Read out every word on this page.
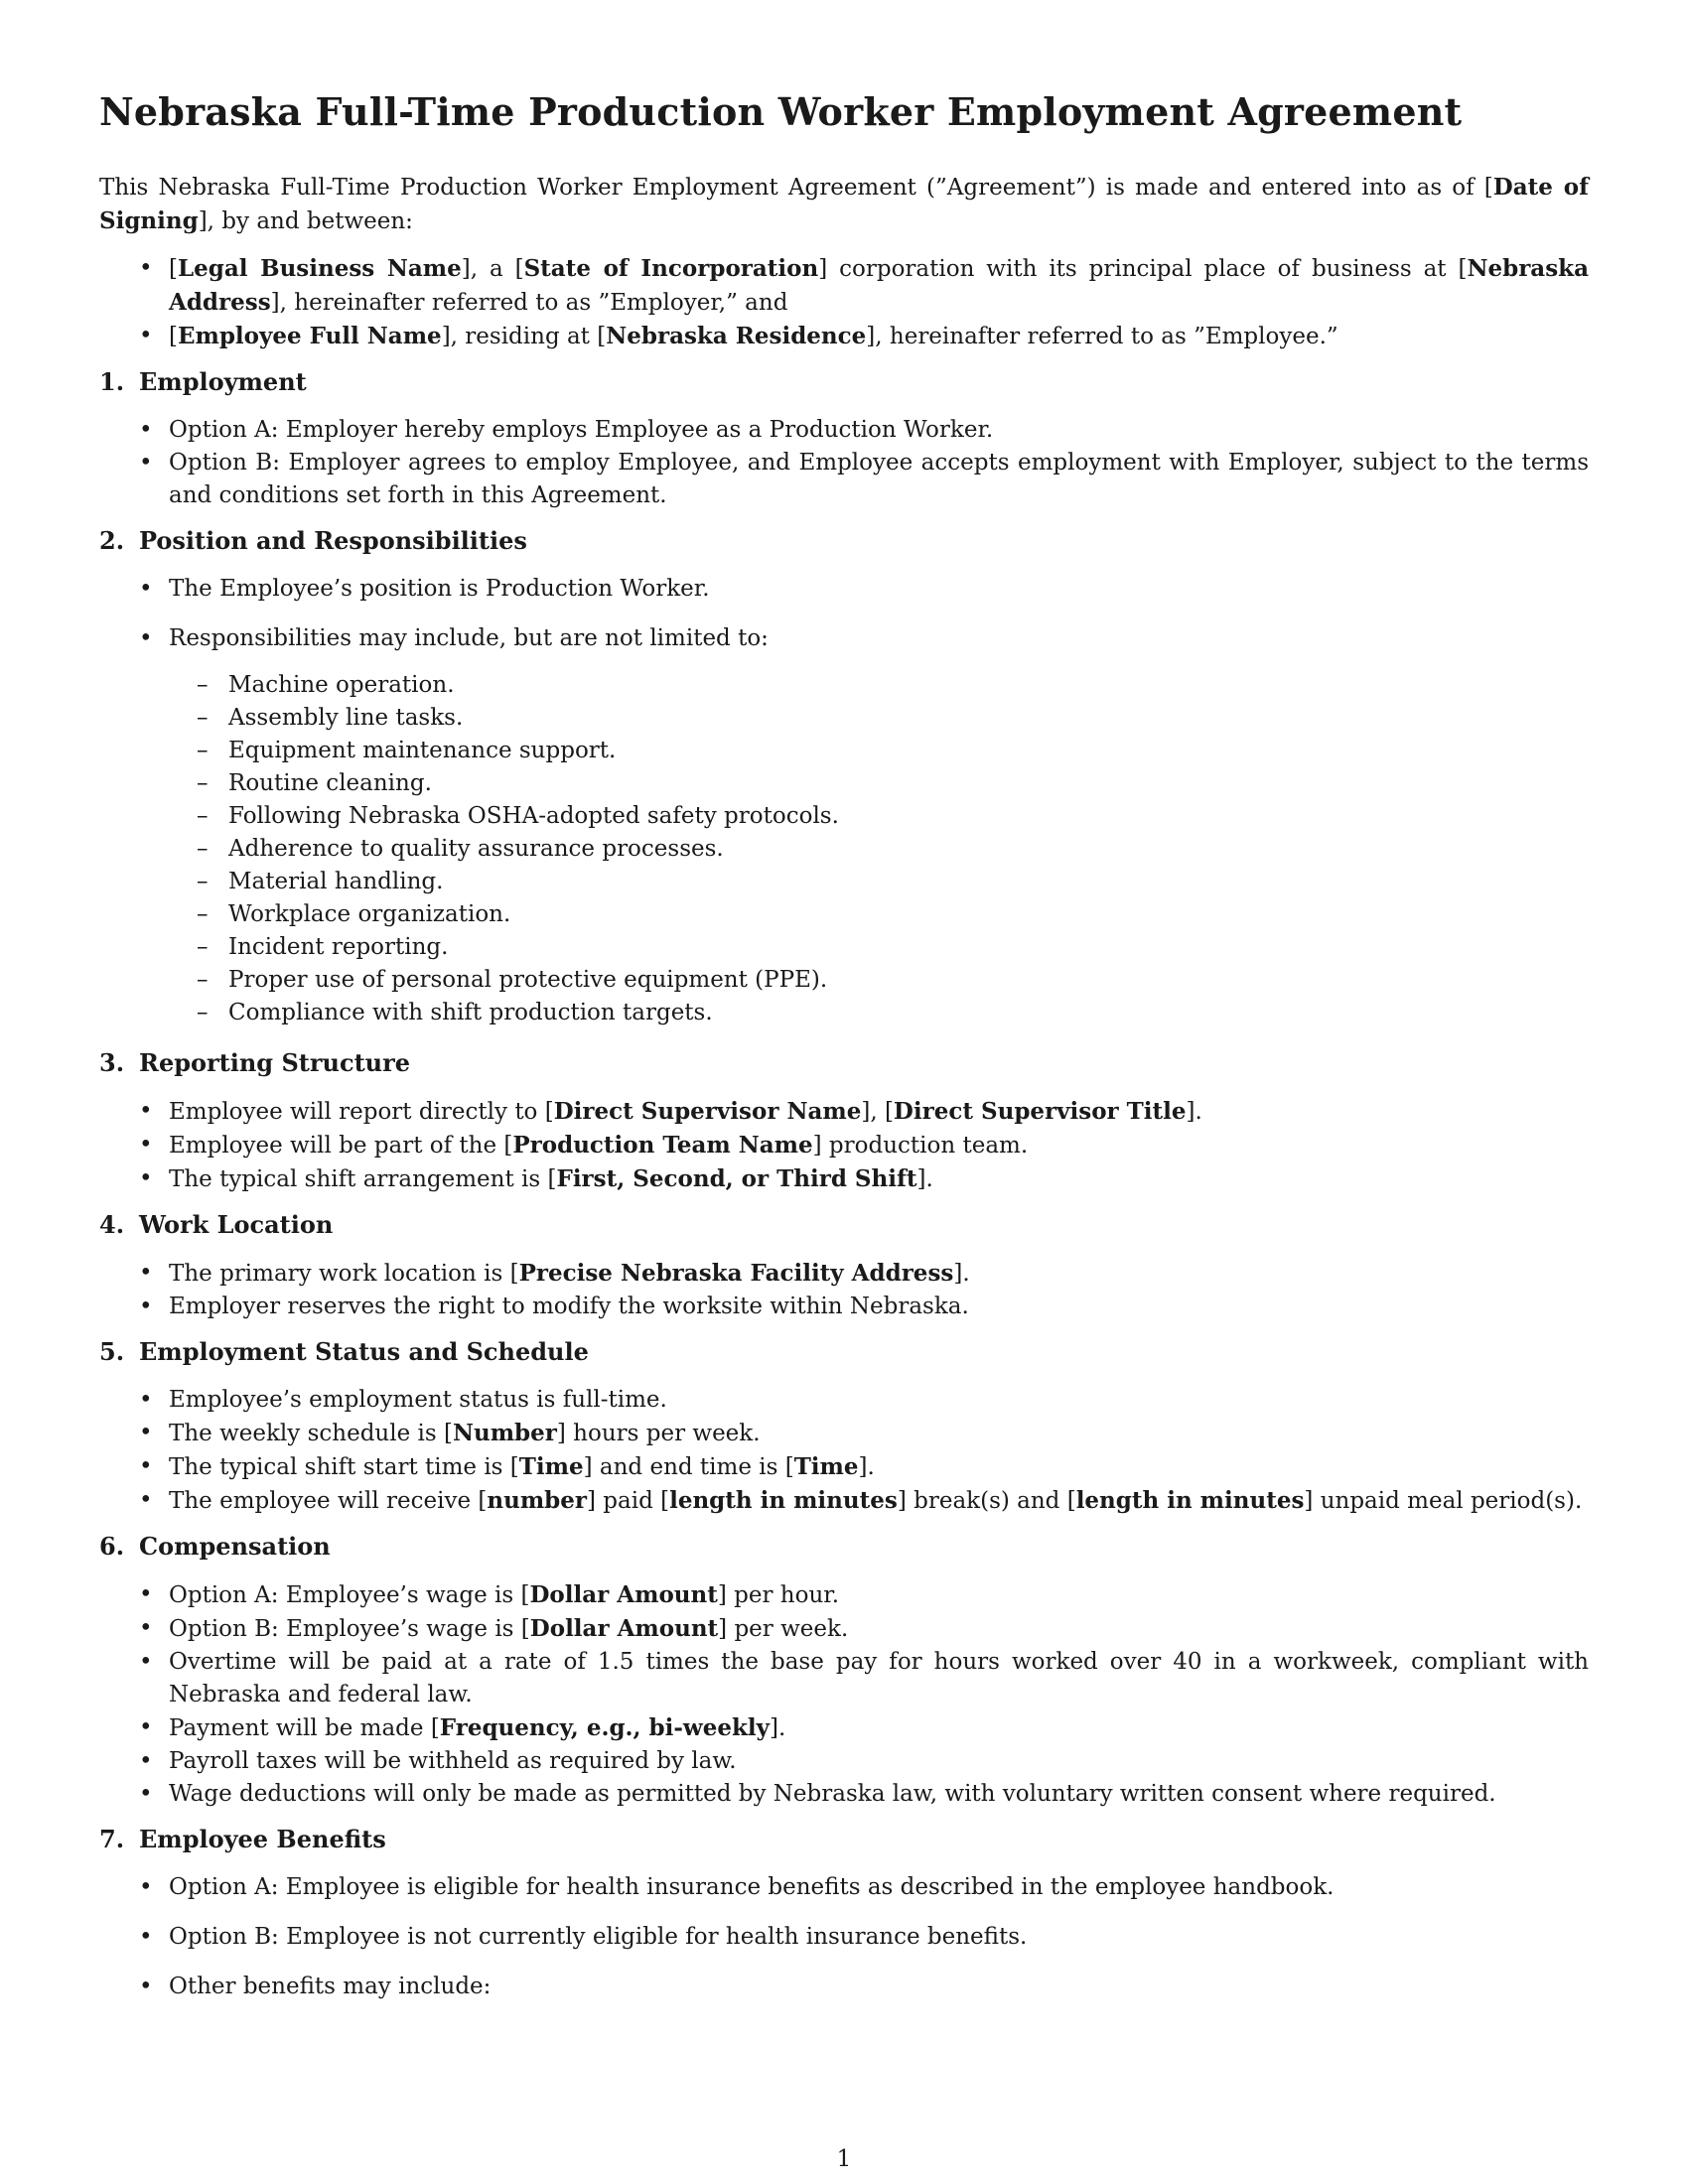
Nebraska Full-Time Production Worker Employment Agreement

This Nebraska Full-Time Production Worker Employment Agreement (”Agreement”) is made and entered into as of [Date of Signing], by and between:

• [Legal Business Name], a [State of Incorporation] corporation with its principal place of business at [Nebraska Address], hereinafter referred to as ”Employer,” and
• [Employee Full Name], residing at [Nebraska Residence], hereinafter referred to as ”Employee.”
1. Employment
• Option A: Employer hereby employs Employee as a Production Worker.
• Option B: Employer agrees to employ Employee, and Employee accepts employment with Employer, subject to the terms and conditions set forth in this Agreement.
2. Position and Responsibilities
• The Employee’s position is Production Worker.
• Responsibilities may include, but are not limited to:
– Machine operation.
– Assembly line tasks.
– Equipment maintenance support.
– Routine cleaning.
– Following Nebraska OSHA-adopted safety protocols.
– Adherence to quality assurance processes.
– Material handling.
– Workplace organization.
– Incident reporting.
– Proper use of personal protective equipment (PPE).
– Compliance with shift production targets.
3. Reporting Structure
• Employee will report directly to [Direct Supervisor Name], [Direct Supervisor Title].
• Employee will be part of the [Production Team Name] production team.
• The typical shift arrangement is [First, Second, or Third Shift].
4. Work Location
• The primary work location is [Precise Nebraska Facility Address].
• Employer reserves the right to modify the worksite within Nebraska.
5. Employment Status and Schedule
• Employee’s employment status is full-time.
• The weekly schedule is [Number] hours per week.
• The typical shift start time is [Time] and end time is [Time].
• The employee will receive [number] paid [length in minutes] break(s) and [length in minutes] unpaid meal period(s).
6. Compensation
• Option A: Employee’s wage is [Dollar Amount] per hour.
• Option B: Employee’s wage is [Dollar Amount] per week.
• Overtime will be paid at a rate of 1.5 times the base pay for hours worked over 40 in a workweek, compliant with Nebraska and federal law.
• Payment will be made [Frequency, e.g., bi-weekly].
• Payroll taxes will be withheld as required by law.
• Wage deductions will only be made as permitted by Nebraska law, with voluntary written consent where required.
7. Employee Benefits
• Option A: Employee is eligible for health insurance benefits as described in the employee handbook.
• Option B: Employee is not currently eligible for health insurance benefits.
• Other benefits may include:
1
